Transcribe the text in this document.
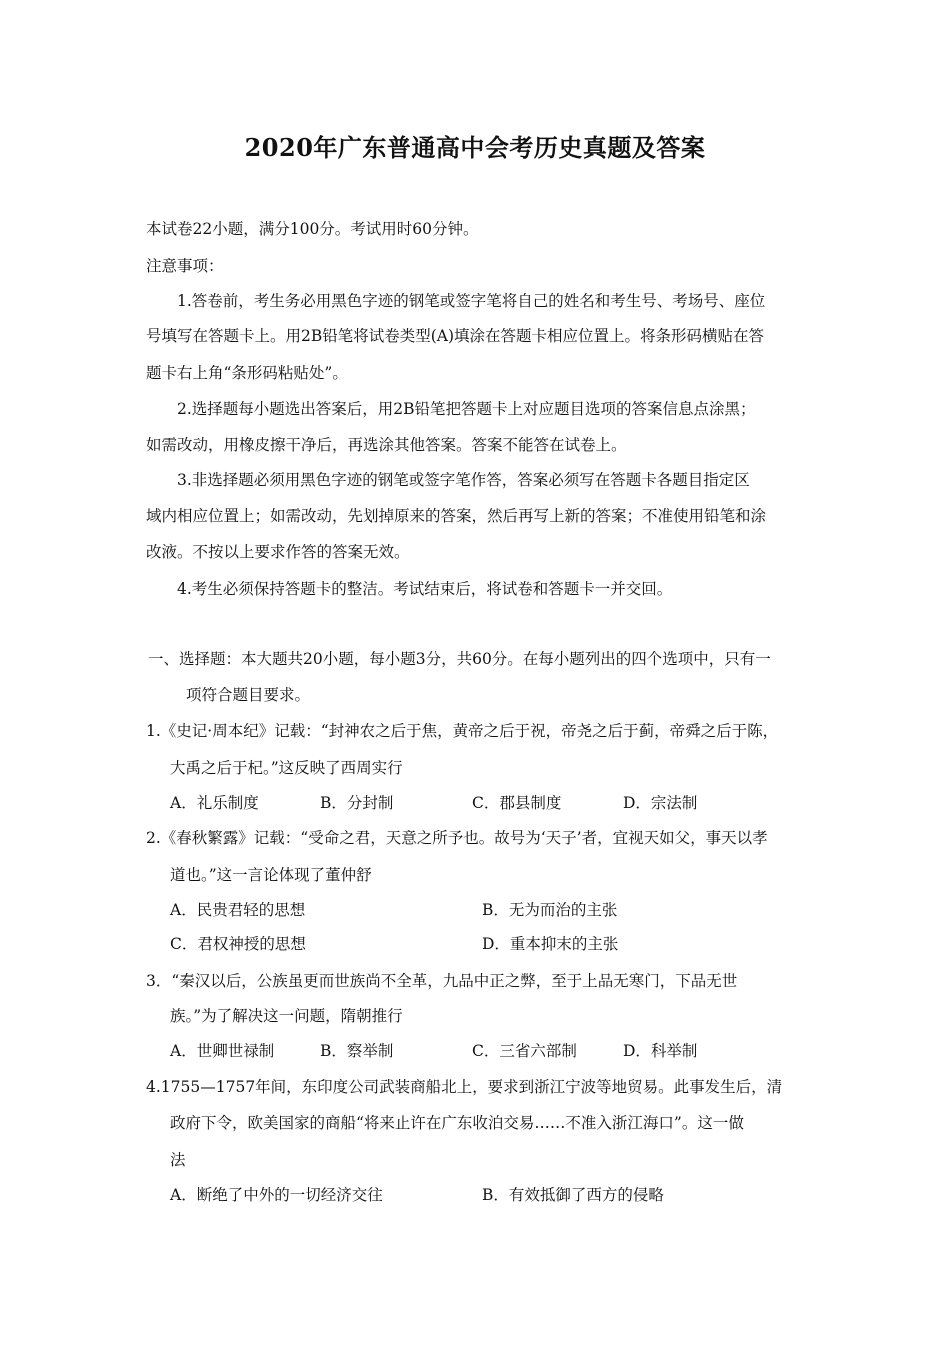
2020年广东普通高中会考历史真题及答案
本试卷22小题，满分100分。考试用时60分钟。
注意事项：
1.答卷前，考生务必用黑色字迹的钢笔或签字笔将自己的姓名和考生号、考场号、座位
号填写在答题卡上。用2B铅笔将试卷类型(A)填涂在答题卡相应位置上。将条形码横贴在答
题卡右上角“条形码粘贴处”。
2.选择题每小题选出答案后，用2B铅笔把答题卡上对应题目选项的答案信息点涂黑；
如需改动，用橡皮擦干净后，再选涂其他答案。答案不能答在试卷上。
3.非选择题必须用黑色字迹的钢笔或签字笔作答，答案必须写在答题卡各题目指定区
域内相应位置上；如需改动，先划掉原来的答案，然后再写上新的答案；不准使用铅笔和涂
改液。不按以上要求作答的答案无效。
4.考生必须保持答题卡的整洁。考试结束后，将试卷和答题卡一并交回。
一、选择题：本大题共20小题，每小题3分，共60分。在每小题列出的四个选项中，只有一
项符合题目要求。
1.《史记·周本纪》记载：“封神农之后于焦，黄帝之后于祝，帝尧之后于蓟，帝舜之后于陈，
大禹之后于杞。”这反映了西周实行
A．礼乐制度	B．分封制	C．郡县制度	D．宗法制
2.《春秋繁露》记载：“受命之君，天意之所予也。故号为‘天子’者，宜视天如父，事天以孝
道也。”这一言论体现了董仲舒
A．民贵君轻的思想	B．无为而治的主张
C．君权神授的思想	D．重本抑末的主张
3．“秦汉以后，公族虽更而世族尚不全革，九品中正之弊，至于上品无寒门，下品无世
族。”为了解决这一问题，隋朝推行
A．世卿世禄制	B．察举制	C．三省六部制	D．科举制
4.1755—1757年间，东印度公司武装商船北上，要求到浙江宁波等地贸易。此事发生后，清
政府下令，欧美国家的商船“将来止许在广东收泊交易……不准入浙江海口”。这一做
法
A．断绝了中外的一切经济交往	B．有效抵御了西方的侵略
